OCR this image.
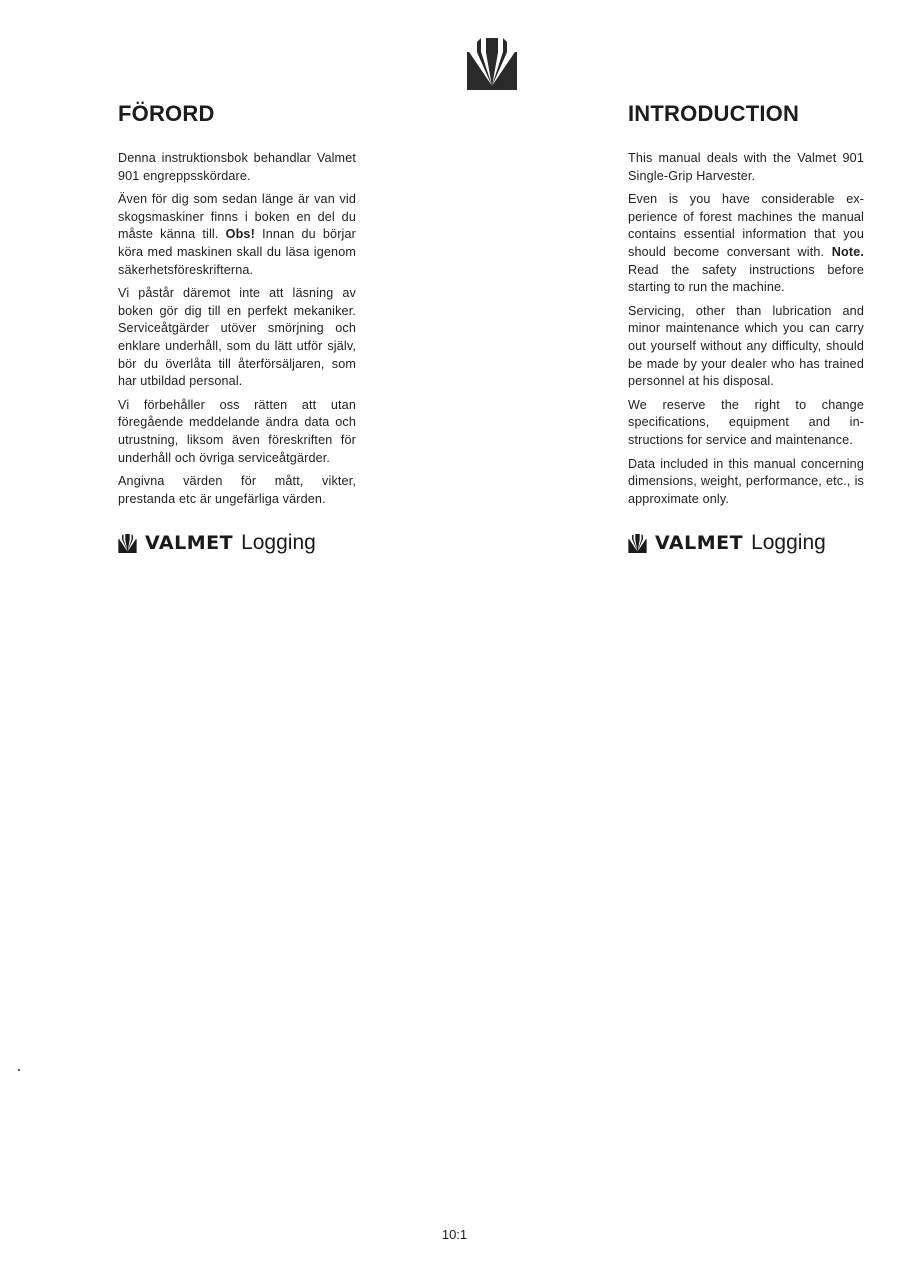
FÖRORD

Denna instruktionsbok behandlar Valmet 901 engreppsskördare.

Även för dig som sedan länge är van vid skogsmaskiner finns i boken en del du måste känna till. Obs! Innan du börjar köra med maskinen skall du läsa igenom säkerhetsföreskrifterna.

Vi påstår däremot inte att läsning av boken gör dig till en perfekt mekaniker. Serviceåtgärder utöver smörjning och enklare underhåll, som du lätt utför själv, bör du överlåta till återförsäljaren, som har utbildad personal.

Vi förbehåller oss rätten att utan föregående meddelande ändra data och utrustning, liksom även föreskriften för underhåll och övriga serviceåtgärder.

Angivna värden för mått, vikter, prestanda etc är ungefärliga värden.

VALMET Logging
INTRODUCTION

This manual deals with the Valmet 901 Single-Grip Harvester.

Even is you have considerable experience of forest machines the manual contains essential information that you should become conversant with. Note. Read the safety instructions before starting to run the machine.

Servicing, other than lubrication and minor maintenance which you can carry out yourself without any difficulty, should be made by your dealer who has trained personnel at his disposal.

We reserve the right to change specifications, equipment and instructions for service and maintenance.

Data included in this manual concerning dimensions, weight, performance, etc., is approximate only.

VALMET Logging
10:1
